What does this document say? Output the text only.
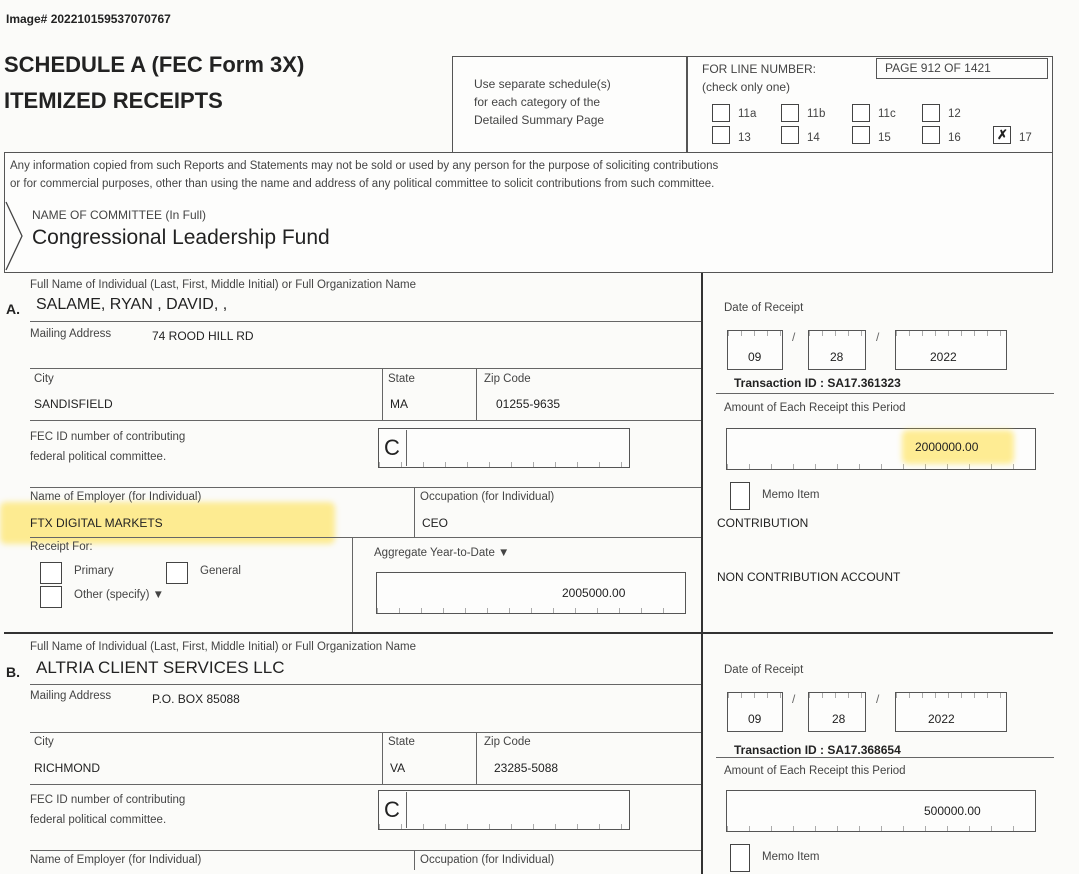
Image# 202210159537070767
SCHEDULE A (FEC Form 3X)
ITEMIZED RECEIPTS
Use separate schedule(s)
for each category of the
Detailed Summary Page
FOR LINE NUMBER:
(check only one)
PAGE 912 OF 1421
11a	11b	11c	12
13	14	15	16	✗ 17
Any information copied from such Reports and Statements may not be sold or used by any person for the purpose of soliciting contributions
or for commercial purposes, other than using the name and address of any political committee to solicit contributions from such committee.
NAME OF COMMITTEE (In Full)
Congressional Leadership Fund
Full Name of Individual (Last, First, Middle Initial) or Full Organization Name
A. SALAME, RYAN , DAVID, ,
Mailing Address	74 ROOD HILL RD
City
SANDISFIELD
State
MA
Zip Code
01255-9635
FEC ID number of contributing
federal political committee.	C
Name of Employer (for Individual)
FTX DIGITAL MARKETS
Occupation (for Individual)
CEO
Receipt For:
Primary	General
Other (specify) ▼
Aggregate Year-to-Date ▼
2005000.00
Date of Receipt
09
/
28
/
2022
Transaction ID : SA17.361323
Amount of Each Receipt this Period
2000000.00
Memo Item
CONTRIBUTION
NON CONTRIBUTION ACCOUNT
Full Name of Individual (Last, First, Middle Initial) or Full Organization Name
B. ALTRIA CLIENT SERVICES LLC
Mailing Address	P.O. BOX 85088
City
RICHMOND
State
VA
Zip Code
23285-5088
FEC ID number of contributing
federal political committee.	C
Name of Employer (for Individual)	Occupation (for Individual)
Date of Receipt
09
/
28
/
2022
Transaction ID : SA17.368654
Amount of Each Receipt this Period
500000.00
Memo Item
